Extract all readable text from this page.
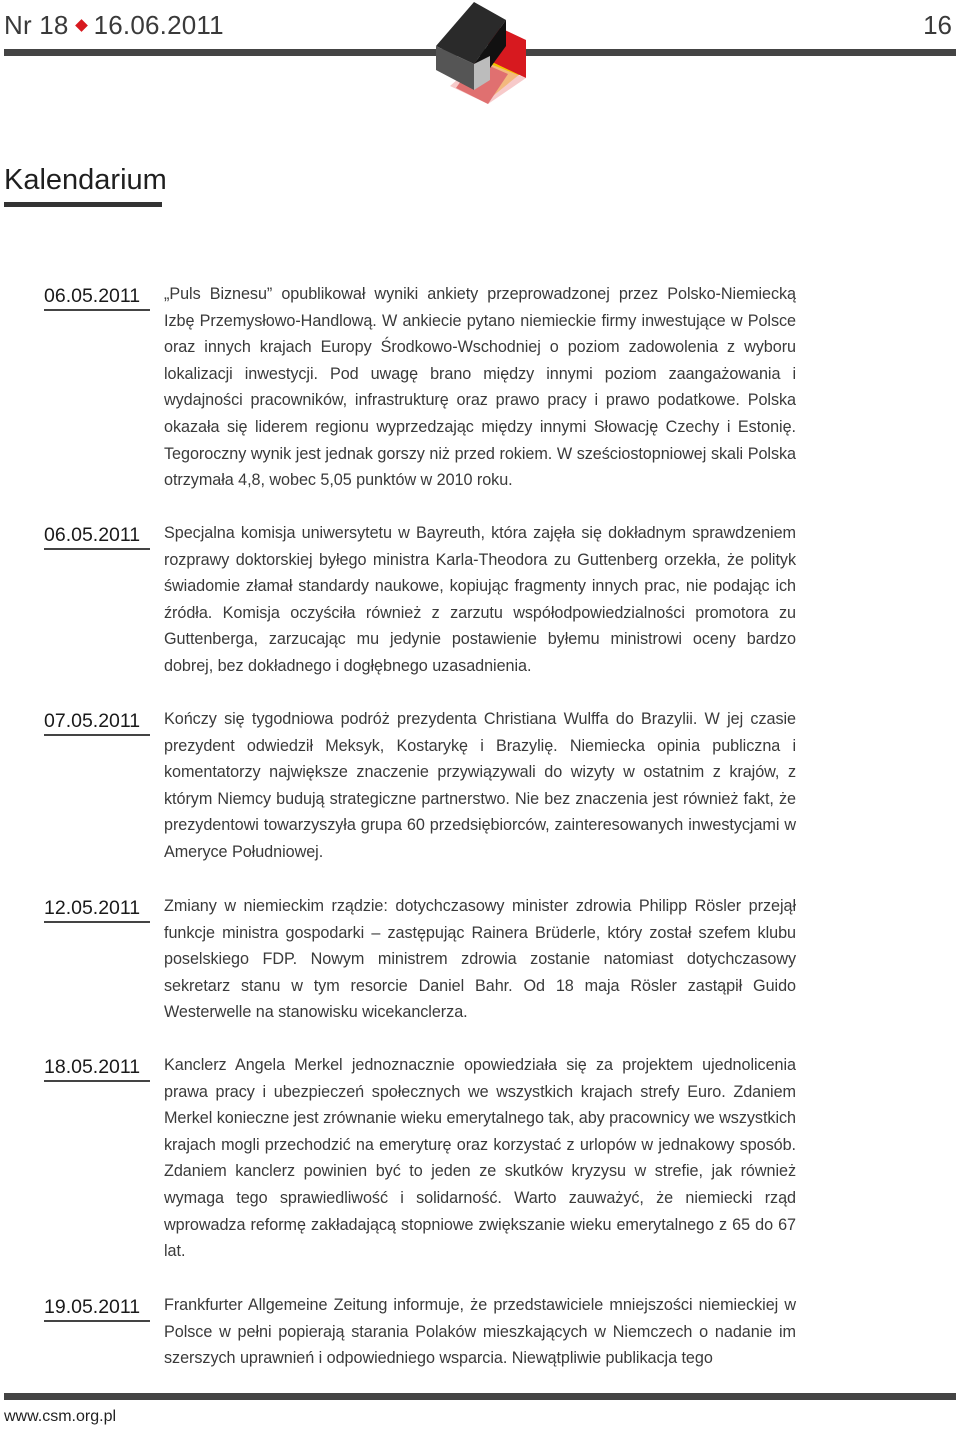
Nr 18 16.06.2011	16
Kalendarium
06.05.2011	„Puls Biznesu” opublikował wyniki ankiety przeprowadzonej przez Polsko-Niemiecką Izbę Przemysłowo-Handlową. W ankiecie pytano niemieckie firmy inwestujące w Polsce oraz innych krajach Europy Środkowo-Wschodniej o poziom zadowolenia z wyboru lokalizacji inwestycji. Pod uwagę brano między innymi poziom zaangażowania i wydajności pracowników, infrastrukturę oraz prawo pracy i prawo podatkowe. Polska okazała się liderem regionu wyprzedzając między innymi Słowację Czechy i Estonię. Tegoroczny wynik jest jednak gorszy niż przed rokiem. W sześciostopniowej skali Polska otrzymała 4,8, wobec 5,05 punktów w 2010 roku.

06.05.2011	Specjalna komisja uniwersytetu w Bayreuth, która zajęła się dokładnym sprawdzeniem rozprawy doktorskiej byłego ministra Karla-Theodora zu Guttenberg orzekła, że polityk świadomie złamał standardy naukowe, kopiując fragmenty innych prac, nie podając ich źródła. Komisja oczyściła również z zarzutu współodpowiedzialności promotora zu Guttenberga, zarzucając mu jedynie postawienie byłemu ministrowi oceny bardzo dobrej, bez dokładnego i dogłębnego uzasadnienia.

07.05.2011	Kończy się tygodniowa podróż prezydenta Christiana Wulffa do Brazylii. W jej czasie prezydent odwiedził Meksyk, Kostarykę i Brazylię. Niemiecka opinia publiczna i komentatorzy największe znaczenie przywiązywali do wizyty w ostatnim z krajów, z którym Niemcy budują strategiczne partnerstwo. Nie bez znaczenia jest również fakt, że prezydentowi towarzyszyła grupa 60 przedsiębiorców, zainteresowanych inwestycjami w Ameryce Południowej.

12.05.2011	Zmiany w niemieckim rządzie: dotychczasowy minister zdrowia Philipp Rösler przejął funkcje ministra gospodarki – zastępując Rainera Brüderle, który został szefem klubu poselskiego FDP. Nowym ministrem zdrowia zostanie natomiast dotychczasowy sekretarz stanu w tym resorcie Daniel Bahr. Od 18 maja Rösler zastąpił Guido Westerwelle na stanowisku wicekanclerza.

18.05.2011	Kanclerz Angela Merkel jednoznacznie opowiedziała się za projektem ujednolicenia prawa pracy i ubezpieczeń społecznych we wszystkich krajach strefy Euro. Zdaniem Merkel konieczne jest zrównanie wieku emerytalnego tak, aby pracownicy we wszystkich krajach mogli przechodzić na emeryturę oraz korzystać z urlopów w jednakowy sposób. Zdaniem kanclerz powinien być to jeden ze skutków kryzysu w strefie, jak również wymaga tego sprawiedliwość i solidarność. Warto zauważyć, że niemiecki rząd wprowadza reformę zakładającą stopniowe zwiększanie wieku emerytalnego z 65 do 67 lat.

19.05.2011	Frankfurter Allgemeine Zeitung informuje, że przedstawiciele mniejszości niemieckiej w Polsce w pełni popierają starania Polaków mieszkających w Niemczech o nadanie im szerszych uprawnień i odpowiedniego wsparcia. Niewątpliwie publikacja tego

www.csm.org.pl
